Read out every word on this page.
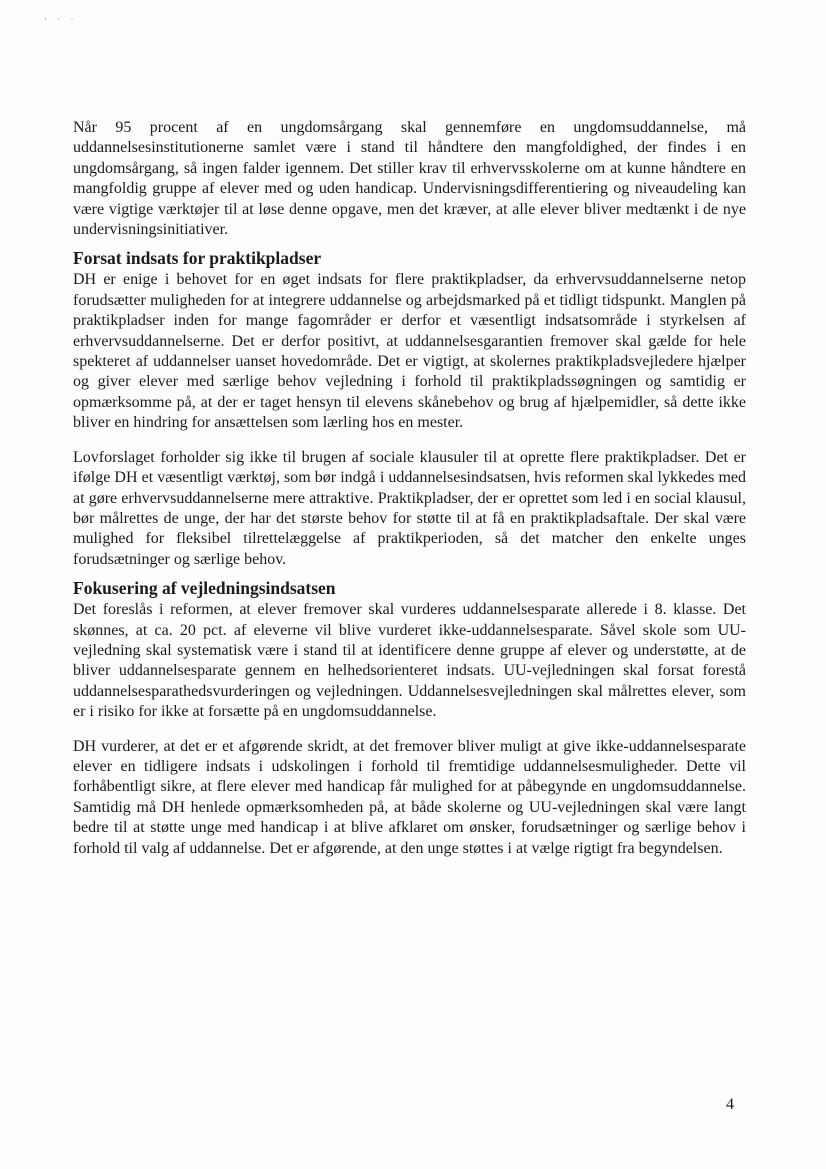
· · ·

Når 95 procent af en ungdomsårgang skal gennemføre en ungdomsuddannelse, må uddannelsesinstitutionerne samlet være i stand til håndtere den mangfoldighed, der findes i en ungdomsårgang, så ingen falder igennem. Det stiller krav til erhvervsskolerne om at kunne håndtere en mangfoldig gruppe af elever med og uden handicap. Undervisningsdifferentiering og niveaudeling kan være vigtige værktøjer til at løse denne opgave, men det kræver, at alle elever bliver medtænkt i de nye undervisningsinitiativer.

Forsat indsats for praktikpladser

DH er enige i behovet for en øget indsats for flere praktikpladser, da erhvervsuddannelserne netop forudsætter muligheden for at integrere uddannelse og arbejdsmarked på et tidligt tidspunkt. Manglen på praktikpladser inden for mange fagområder er derfor et væsentligt indsatsområde i styrkelsen af erhvervsuddannelserne. Det er derfor positivt, at uddannelsesgarantien fremover skal gælde for hele spekteret af uddannelser uanset hovedområde. Det er vigtigt, at skolernes praktikpladsvejledere hjælper og giver elever med særlige behov vejledning i forhold til praktikpladssøgningen og samtidig er opmærksomme på, at der er taget hensyn til elevens skånebehov og brug af hjælpemidler, så dette ikke bliver en hindring for ansættelsen som lærling hos en mester.

Lovforslaget forholder sig ikke til brugen af sociale klausuler til at oprette flere praktikpladser. Det er ifølge DH et væsentligt værktøj, som bør indgå i uddannelsesindsatsen, hvis reformen skal lykkedes med at gøre erhvervsuddannelserne mere attraktive. Praktikpladser, der er oprettet som led i en social klausul, bør målrettes de unge, der har det største behov for støtte til at få en praktikpladsaftale. Der skal være mulighed for fleksibel tilrettelæggelse af praktikperioden, så det matcher den enkelte unges forudsætninger og særlige behov.

Fokusering af vejledningsindsatsen

Det foreslås i reformen, at elever fremover skal vurderes uddannelsesparate allerede i 8. klasse. Det skønnes, at ca. 20 pct. af eleverne vil blive vurderet ikke-uddannelsesparate. Såvel skole som UU-vejledning skal systematisk være i stand til at identificere denne gruppe af elever og understøtte, at de bliver uddannelsesparate gennem en helhedsorienteret indsats. UU-vejledningen skal forsat forestå uddannelsesparathedsvurderingen og vejledningen. Uddannelsesvejledningen skal målrettes elever, som er i risiko for ikke at forsætte på en ungdomsuddannelse.

DH vurderer, at det er et afgørende skridt, at det fremover bliver muligt at give ikke-uddannelsesparate elever en tidligere indsats i udskolingen i forhold til fremtidige uddannelsesmuligheder. Dette vil forhåbentligt sikre, at flere elever med handicap får mulighed for at påbegynde en ungdomsuddannelse. Samtidig må DH henlede opmærksomheden på, at både skolerne og UU-vejledningen skal være langt bedre til at støtte unge med handicap i at blive afklaret om ønsker, forudsætninger og særlige behov i forhold til valg af uddannelse. Det er afgørende, at den unge støttes i at vælge rigtigt fra begyndelsen.

4
